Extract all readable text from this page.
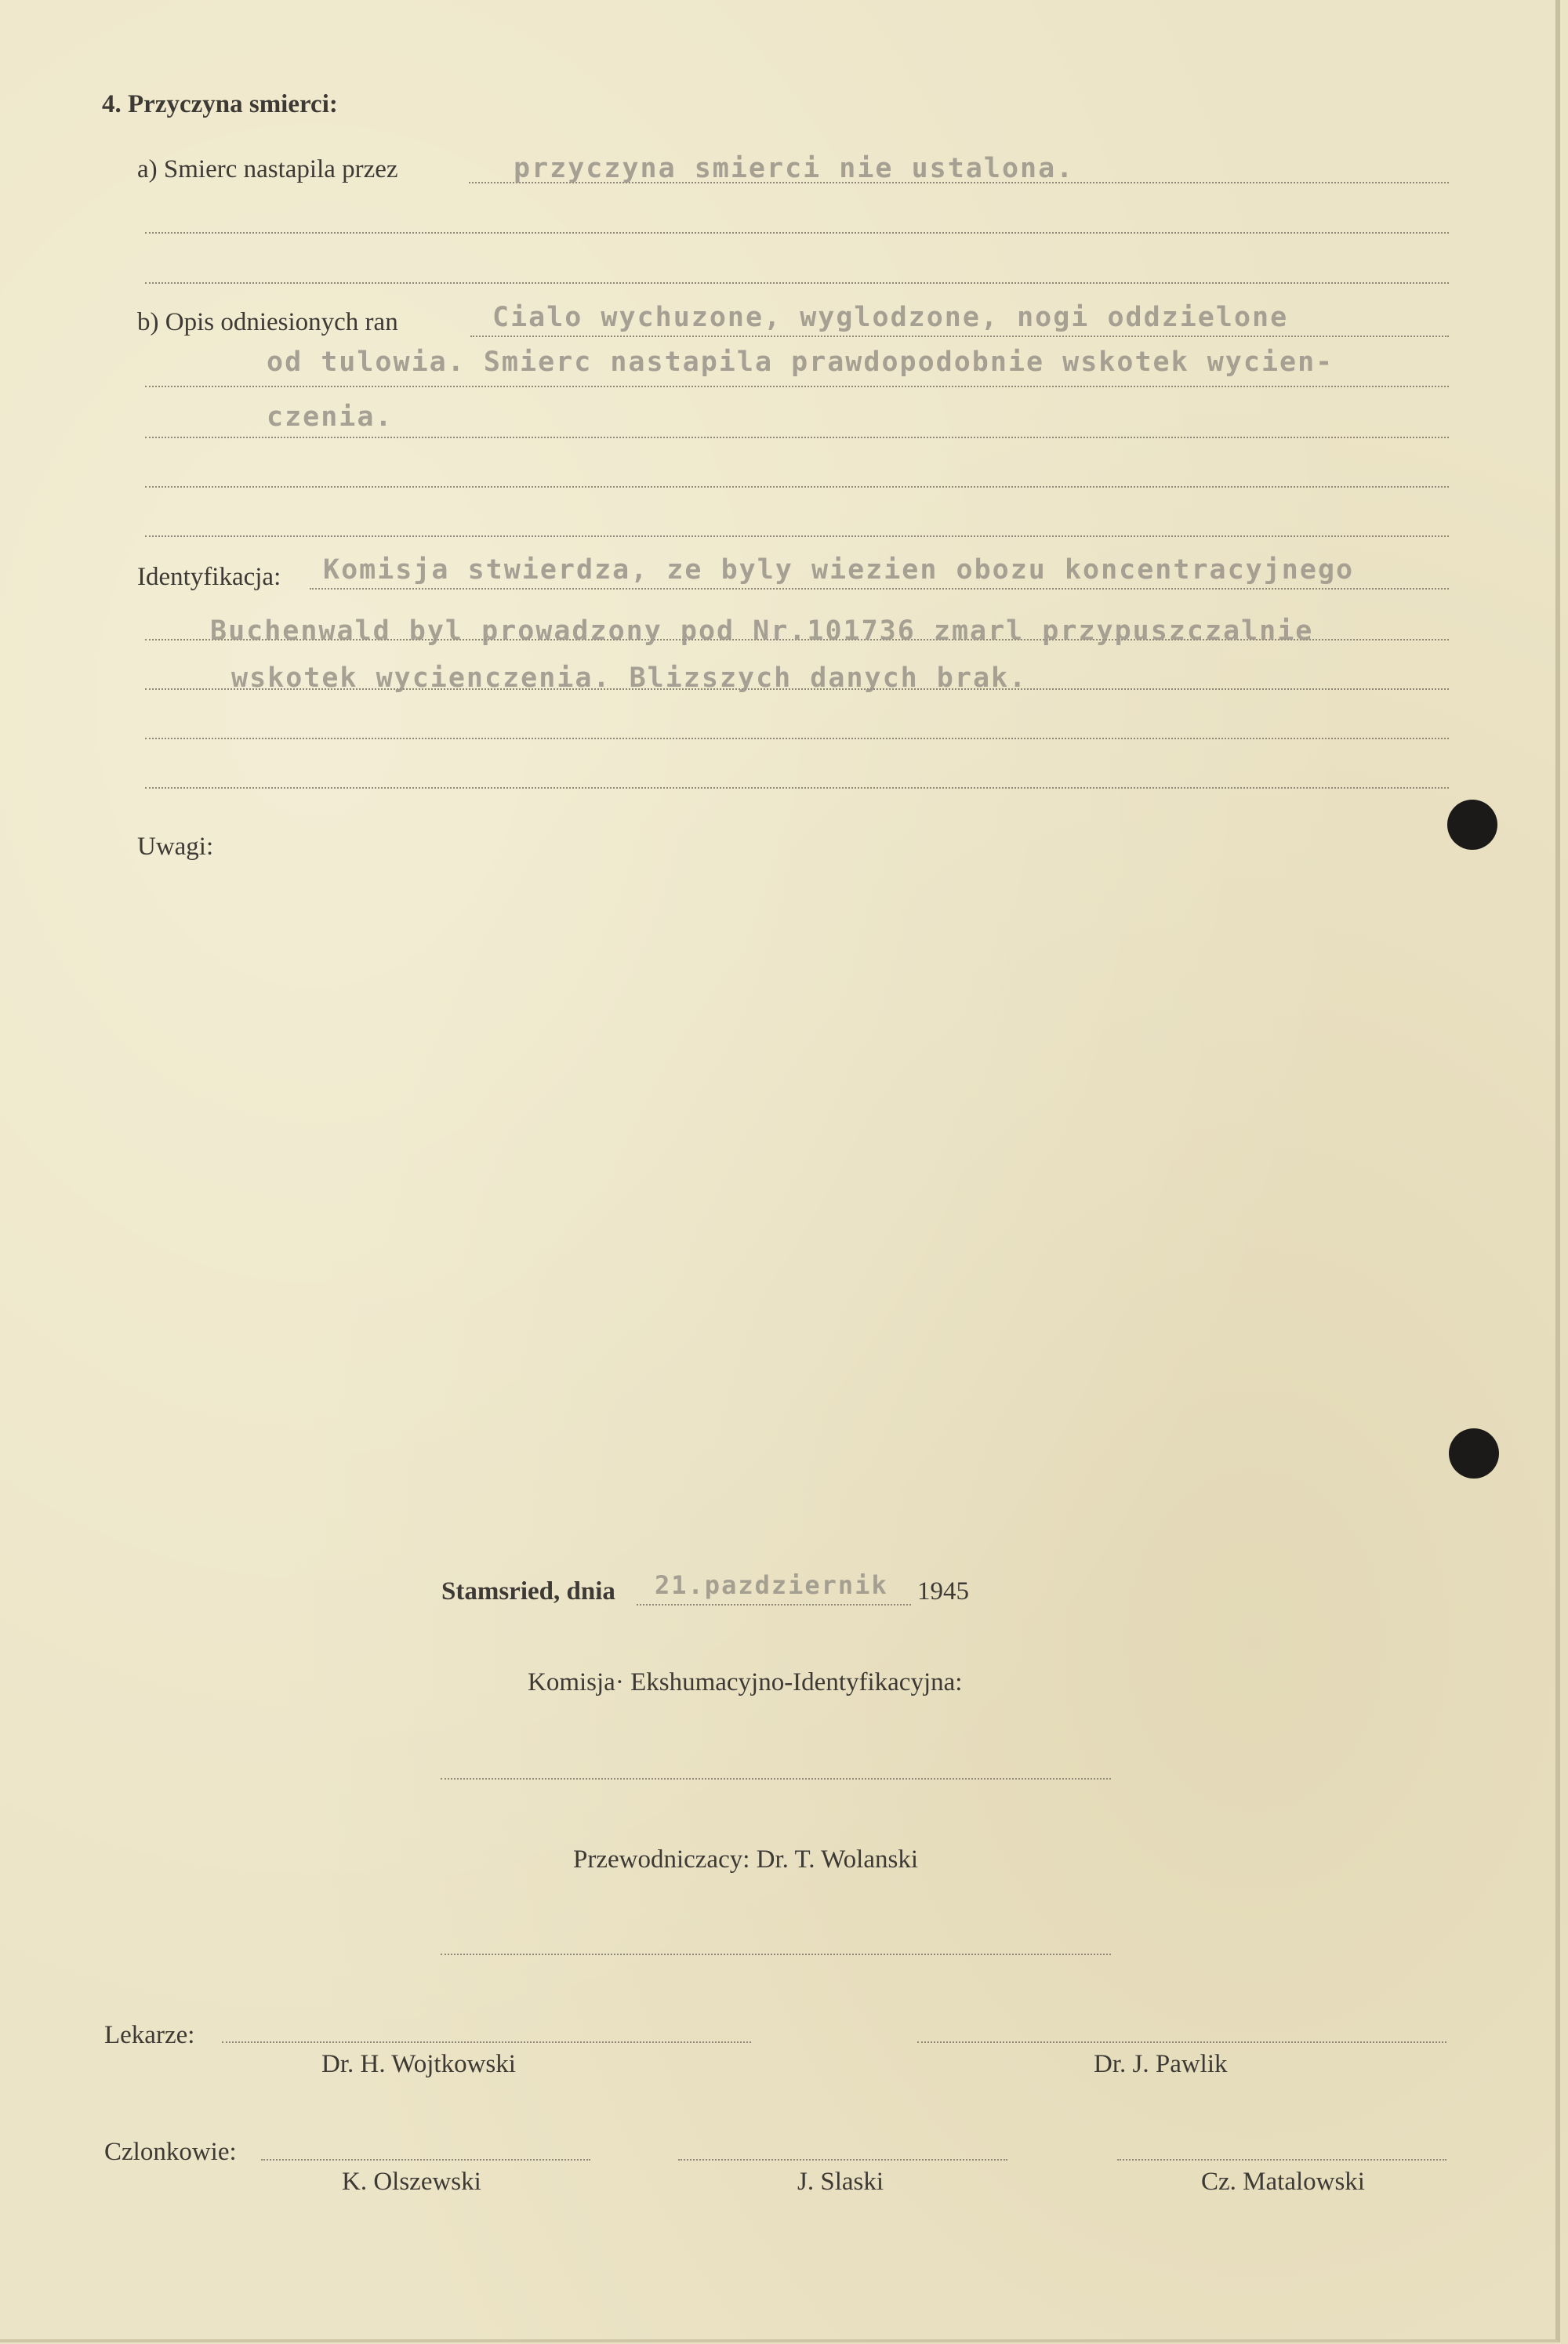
4. Przyczyna smierci:
a) Smierc nastapila przez	przyczyna smierci nie ustalona.
b) Opis odniesionych ran	Cialo wychuzone, wyglodzone, nogi oddzielone
od tulowia. Smierc nastapila prawdopodobnie wskotek wycien-
czenia.
Identyfikacja: Komisja stwierdza, ze byly wiezien obozu koncentracyjnego
Buchenwald byl prowadzony pod Nr.101736 zmarl przypuszczalnie
wskotek wycienczenia. Blizszych danych brak.
Uwagi:
Stamsried, dnia 21.pazdziernik 1945
Komisja· Ekshumacyjno-Identyfikacyjna:
Przewodniczacy: Dr. T. Wolanski
Lekarze:
Dr. H. Wojtkowski	Dr. J. Pawlik
Czlonkowie:
K. Olszewski	J. Slaski	Cz. Matalowski
